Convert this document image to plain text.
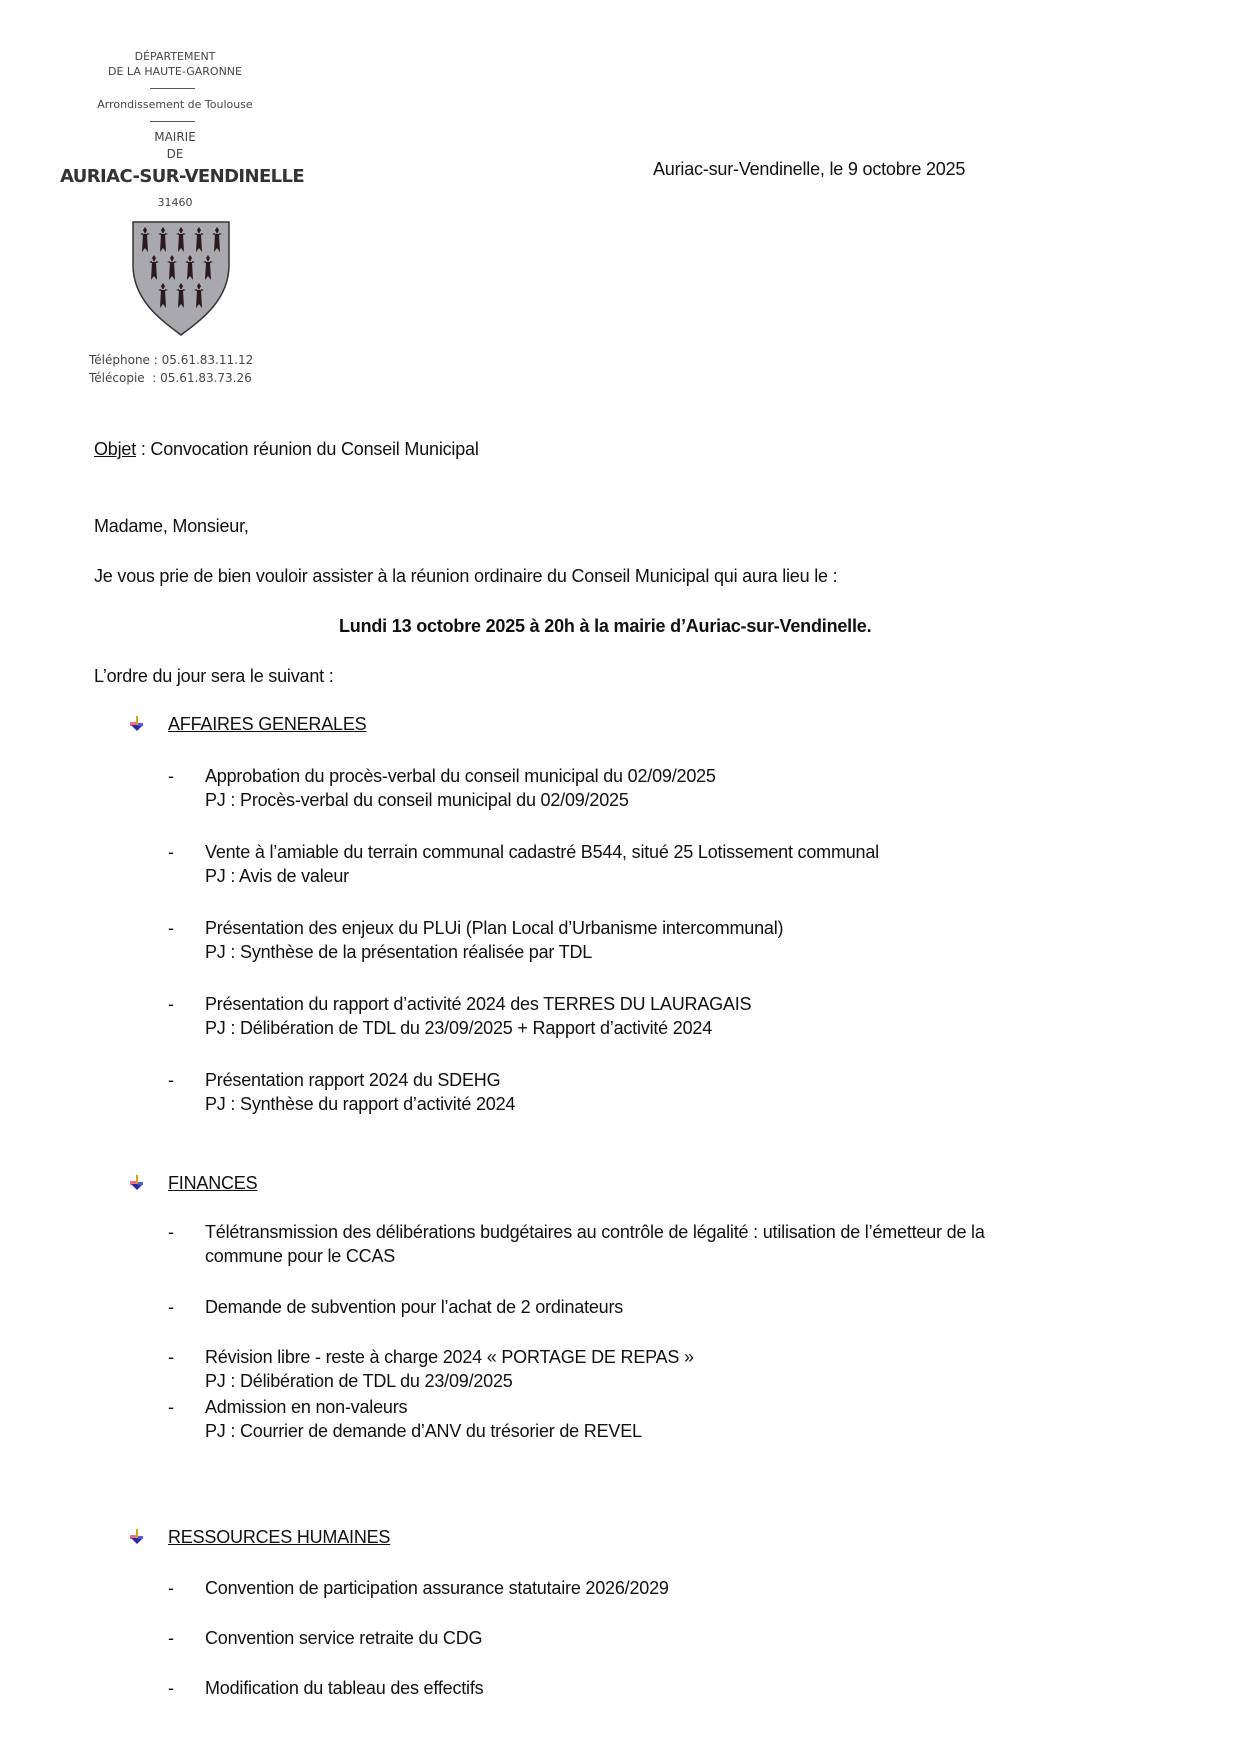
DÉPARTEMENT
DE LA HAUTE-GARONNE
Arrondissement de Toulouse
MAIRIE
DE
AURIAC-SUR-VENDINELLE
31460
Téléphone : 05.61.83.11.12
Télécopie  : 05.61.83.73.26
Auriac-sur-Vendinelle, le 9 octobre 2025
Objet : Convocation réunion du Conseil Municipal
Madame, Monsieur,
Je vous prie de bien vouloir assister à la réunion ordinaire du Conseil Municipal qui aura lieu le :
Lundi 13 octobre 2025 à 20h à la mairie d’Auriac-sur-Vendinelle.
L’ordre du jour sera le suivant :
AFFAIRES GENERALES
- Approbation du procès-verbal du conseil municipal du 02/09/2025
PJ : Procès-verbal du conseil municipal du 02/09/2025
- Vente à l’amiable du terrain communal cadastré B544, situé 25 Lotissement communal
PJ : Avis de valeur
- Présentation des enjeux du PLUi (Plan Local d’Urbanisme intercommunal)
PJ : Synthèse de la présentation réalisée par TDL
- Présentation du rapport d’activité 2024 des TERRES DU LAURAGAIS
PJ : Délibération de TDL du 23/09/2025 + Rapport d’activité 2024
- Présentation rapport 2024 du SDEHG
PJ : Synthèse du rapport d’activité 2024
FINANCES
- Télétransmission des délibérations budgétaires au contrôle de légalité : utilisation de l’émetteur de la
commune pour le CCAS
- Demande de subvention pour l’achat de 2 ordinateurs
- Révision libre - reste à charge 2024 « PORTAGE DE REPAS »
PJ : Délibération de TDL du 23/09/2025
- Admission en non-valeurs
PJ : Courrier de demande d’ANV du trésorier de REVEL
RESSOURCES HUMAINES
- Convention de participation assurance statutaire 2026/2029
- Convention service retraite du CDG
- Modification du tableau des effectifs
